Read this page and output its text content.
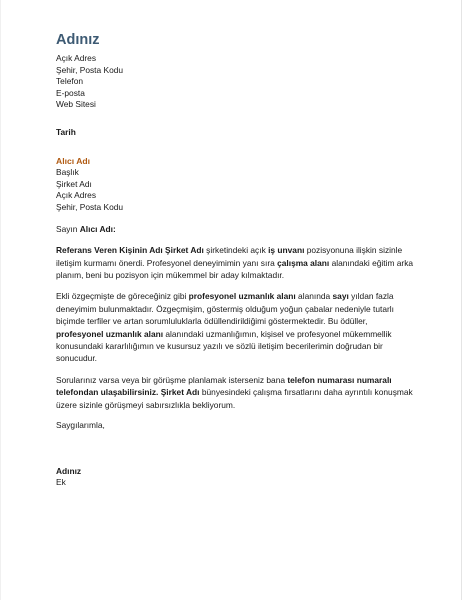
Adınız
Açık Adres
Şehir, Posta Kodu
Telefon
E-posta
Web Sitesi
Tarih
Alıcı Adı
Başlık
Şirket Adı
Açık Adres
Şehir, Posta Kodu
Sayın Alıcı Adı:

Referans Veren Kişinin Adı Şirket Adı şirketindeki açık iş unvanı pozisyonuna ilişkin sizinle iletişim kurmamı önerdi. Profesyonel deneyimimin yanı sıra çalışma alanı alanındaki eğitim arka planım, beni bu pozisyon için mükemmel bir aday kılmaktadır.

Ekli özgeçmişte de göreceğiniz gibi profesyonel uzmanlık alanı alanında sayı yıldan fazla deneyimim bulunmaktadır. Özgeçmişim, göstermiş olduğum yoğun çabalar nedeniyle tutarlı biçimde terfiler ve artan sorumluluklarla ödüllendirildiğimi göstermektedir. Bu ödüller, profesyonel uzmanlık alanı alanındaki uzmanlığımın, kişisel ve profesyonel mükemmellik konusundaki kararlılığımın ve kusursuz yazılı ve sözlü iletişim becerilerimin doğrudan bir sonucudur.

Sorularınız varsa veya bir görüşme planlamak isterseniz bana telefon numarası numaralı telefondan ulaşabilirsiniz. Şirket Adı bünyesindeki çalışma fırsatlarını daha ayrıntılı konuşmak üzere sizinle görüşmeyi sabırsızlıkla bekliyorum.

Saygılarımla,
Adınız
Ek
